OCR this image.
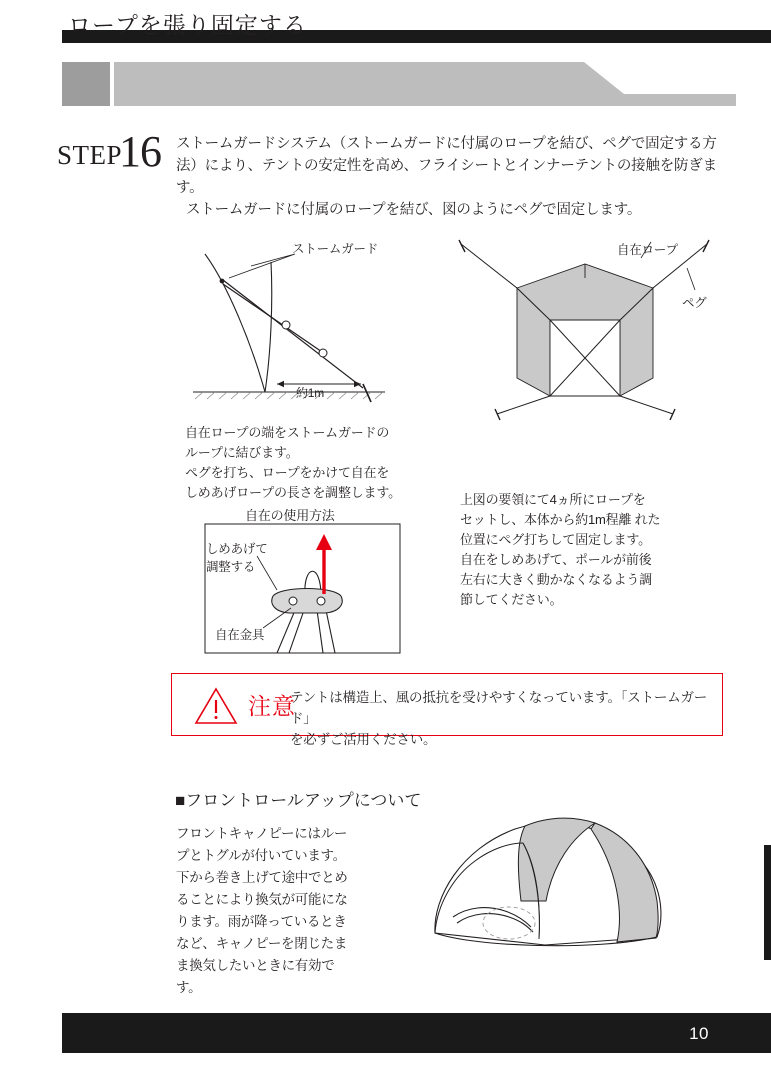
ロープを張り固定する
STEP
16 ストームガードシステム（ストームガードに付属のロープを結び、ペグで固定する方法）により、テントの安定性を高め、フライシートとインナーテントの接触を防ぎます。
ストームガードに付属のロープを結び、図のようにペグで固定します。
ストームガード
約1m
自在ロープの端をストームガードの
ループに結びます。
ペグを打ち、ロープをかけて自在を
しめあげロープの長さを調整します。
自在ロープ
ペグ
上図の要領にて4ヵ所にロープを
セットし、本体から約1m程離 れた
位置にペグ打ちして固定します。
自在をしめあげて、ポールが前後
左右に大きく動かなくなるよう調
節してください。
自在の使用方法
しめあげて
調整する
自在金具
注意
テントは構造上、風の抵抗を受けやすくなっています。「ストームガード」
を必ずご活用ください。
■フロントロールアップについて
フロントキャノピーにはループとトグルが付いています。下から巻き上げて途中でとめることにより換気が可能になります。雨が降っているときなど、キャノピーを閉じたまま換気したいときに有効です。
10
